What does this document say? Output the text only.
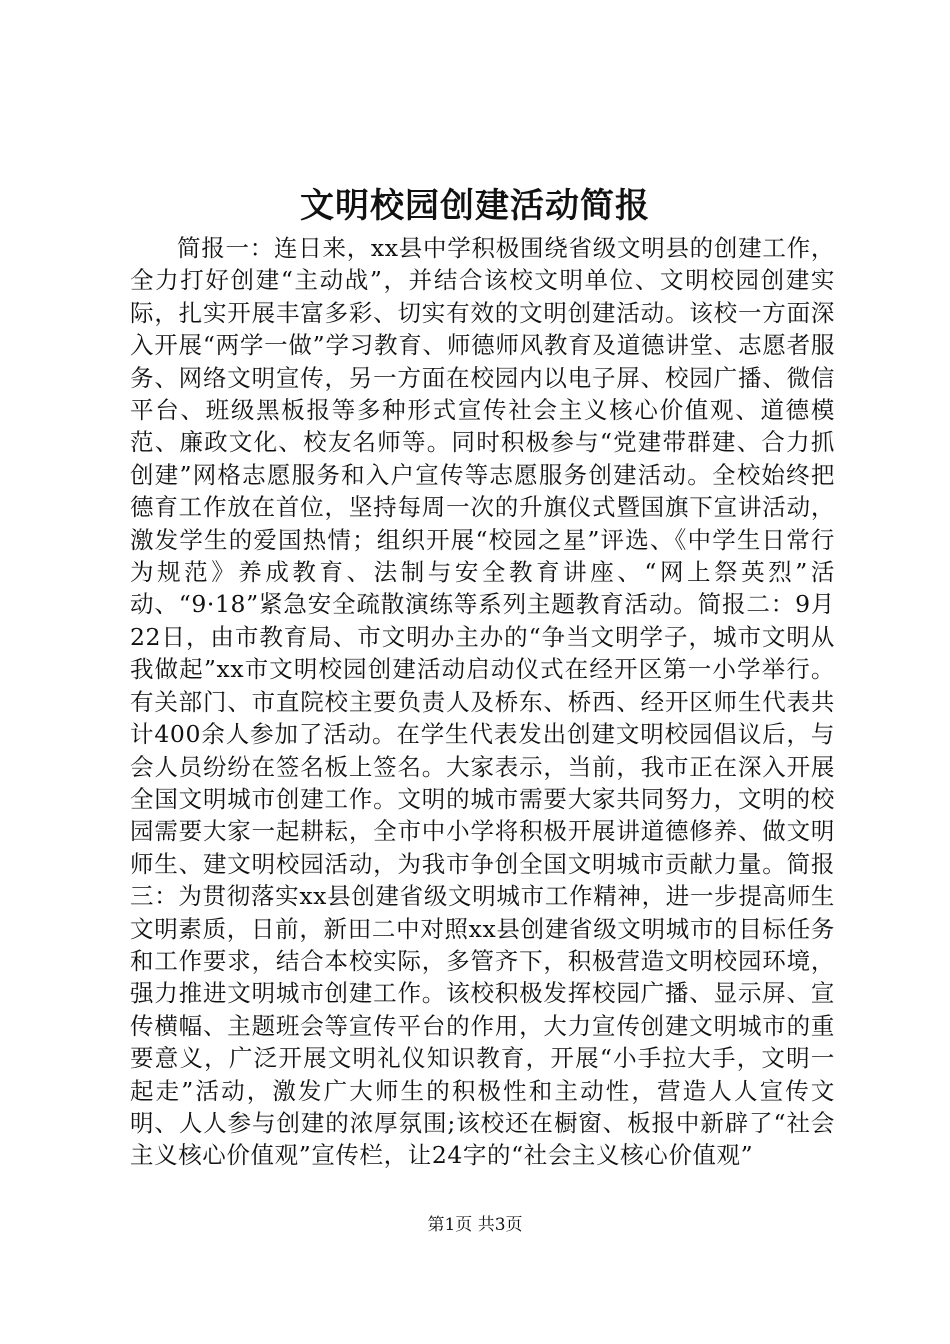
文明校园创建活动简报

简报一：连日来，xx县中学积极围绕省级文明县的创建工作，全力打好创建“主动战”，并结合该校文明单位、文明校园创建实际，扎实开展丰富多彩、切实有效的文明创建活动。该校一方面深入开展“两学一做”学习教育、师德师风教育及道德讲堂、志愿者服务、网络文明宣传，另一方面在校园内以电子屏、校园广播、微信平台、班级黑板报等多种形式宣传社会主义核心价值观、道德模范、廉政文化、校友名师等。同时积极参与“党建带群建、合力抓创建”网格志愿服务和入户宣传等志愿服务创建活动。全校始终把德育工作放在首位，坚持每周一次的升旗仪式暨国旗下宣讲活动，激发学生的爱国热情；组织开展“校园之星”评选、《中学生日常行为规范》养成教育、法制与安全教育讲座、“网上祭英烈”活动、“9·18”紧急安全疏散演练等系列主题教育活动。简报二：9月22日，由市教育局、市文明办主办的“争当文明学子，城市文明从我做起”xx市文明校园创建活动启动仪式在经开区第一小学举行。有关部门、市直院校主要负责人及桥东、桥西、经开区师生代表共计400余人参加了活动。在学生代表发出创建文明校园倡议后，与会人员纷纷在签名板上签名。大家表示，当前，我市正在深入开展全国文明城市创建工作。文明的城市需要大家共同努力，文明的校园需要大家一起耕耘，全市中小学将积极开展讲道德修养、做文明师生、建文明校园活动，为我市争创全国文明城市贡献力量。简报三：为贯彻落实xx县创建省级文明城市工作精神，进一步提高师生文明素质，日前，新田二中对照xx县创建省级文明城市的目标任务和工作要求，结合本校实际，多管齐下，积极营造文明校园环境，强力推进文明城市创建工作。该校积极发挥校园广播、显示屏、宣传横幅、主题班会等宣传平台的作用，大力宣传创建文明城市的重要意义，广泛开展文明礼仪知识教育，开展“小手拉大手，文明一起走”活动，激发广大师生的积极性和主动性，营造人人宣传文明、人人参与创建的浓厚氛围;该校还在橱窗、板报中新辟了“社会主义核心价值观”宣传栏，让24字的“社会主义核心价值观”

第1页 共3页
